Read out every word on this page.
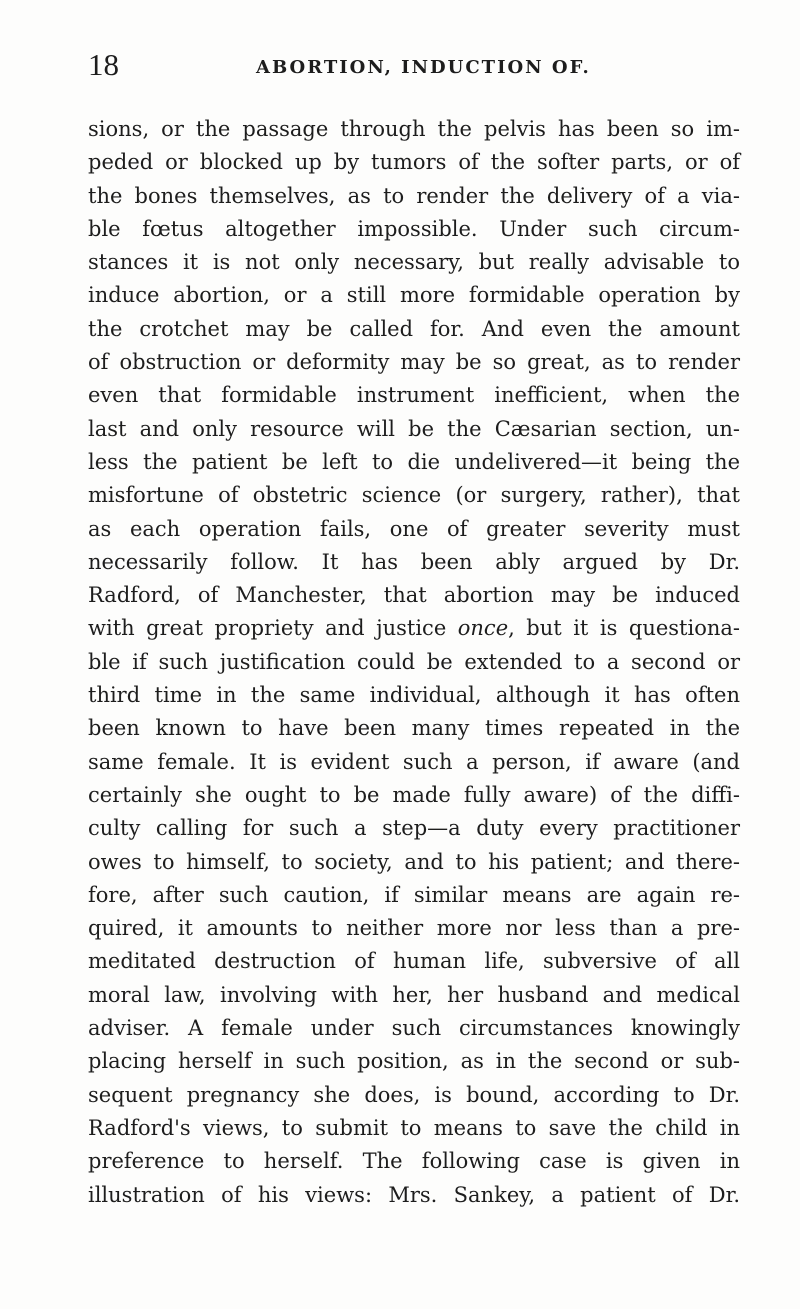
18	ABORTION, INDUCTION OF.
sions, or the passage through the pelvis has been so im-
peded or blocked up by tumors of the softer parts, or of
the bones themselves, as to render the delivery of a via-
ble fœtus altogether impossible. Under such circum-
stances it is not only necessary, but really advisable to
induce abortion, or a still more formidable operation by
the crotchet may be called for. And even the amount
of obstruction or deformity may be so great, as to render
even that formidable instrument inefficient, when the
last and only resource will be the Cæsarian section, un-
less the patient be left to die undelivered—it being the
misfortune of obstetric science (or surgery, rather), that
as each operation fails, one of greater severity must
necessarily follow. It has been ably argued by Dr.
Radford, of Manchester, that abortion may be induced
with great propriety and justice once, but it is questiona-
ble if such justification could be extended to a second or
third time in the same individual, although it has often
been known to have been many times repeated in the
same female. It is evident such a person, if aware (and
certainly she ought to be made fully aware) of the diffi-
culty calling for such a step—a duty every practitioner
owes to himself, to society, and to his patient; and there-
fore, after such caution, if similar means are again re-
quired, it amounts to neither more nor less than a pre-
meditated destruction of human life, subversive of all
moral law, involving with her, her husband and medical
adviser. A female under such circumstances knowingly
placing herself in such position, as in the second or sub-
sequent pregnancy she does, is bound, according to Dr.
Radford's views, to submit to means to save the child in
preference to herself. The following case is given in
illustration of his views: Mrs. Sankey, a patient of Dr.
